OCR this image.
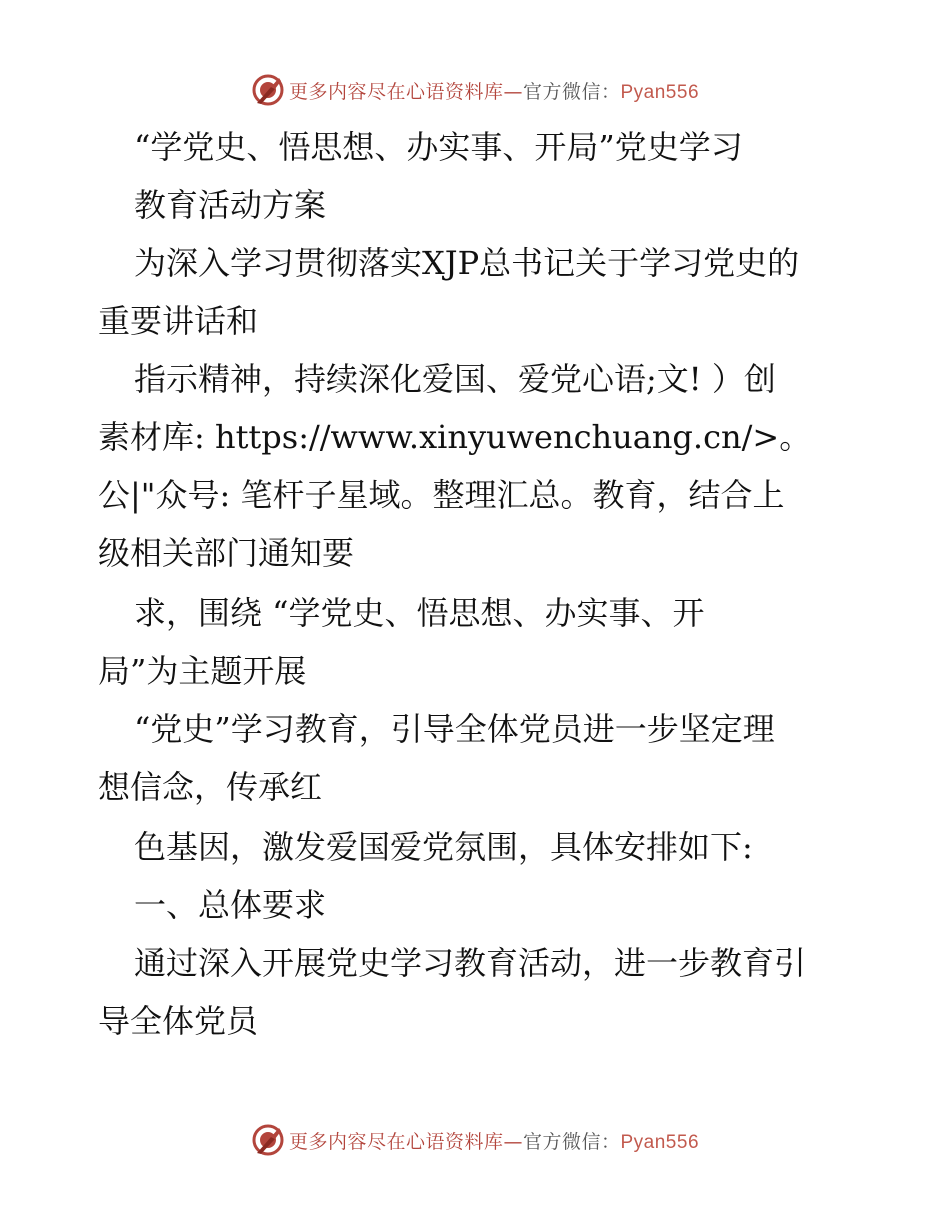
更多内容尽在心语资料库—官方微信：Pyan556
“学党史、悟思想、办实事、开局”党史学习
教育活动方案
为深入学习贯彻落实XJP总书记关于学习党史的
重要讲话和
指示精神，持续深化爱国、爱党心语;文! ）创
素材库: https://www.xinyuwenchuang.cn/>。
公|"众号: 笔杆子星域。整理汇总。教育，结合上
级相关部门通知要
求，围绕 “学党史、悟思想、办实事、开
局”为主题开展
“党史”学习教育，引导全体党员进一步坚定理
想信念，传承红
色基因，激发爱国爱党氛围，具体安排如下:
一、总体要求
通过深入开展党史学习教育活动，进一步教育引
导全体党员
更多内容尽在心语资料库—官方微信：Pyan556
